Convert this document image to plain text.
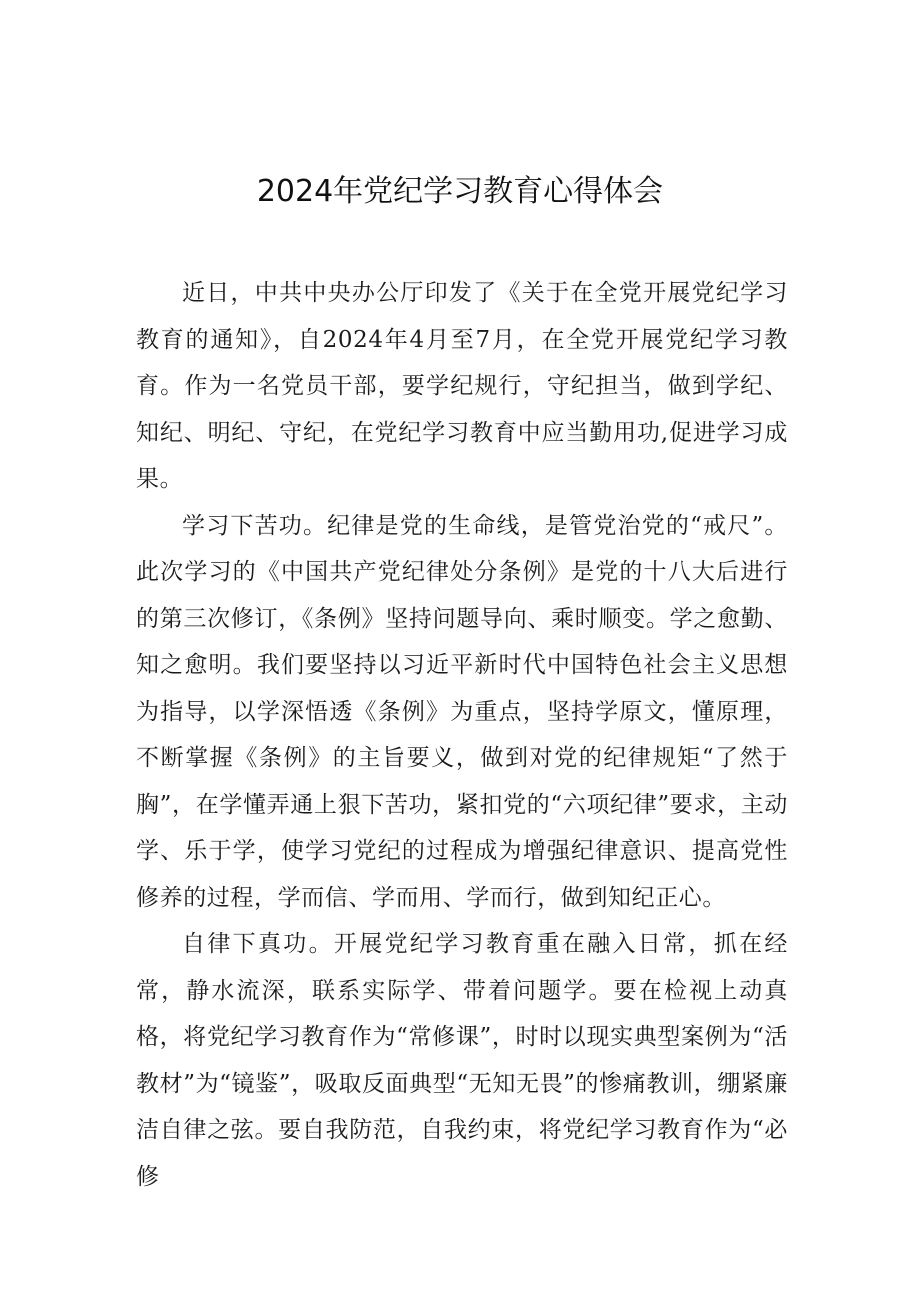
2024年党纪学习教育心得体会

近日，中共中央办公厅印发了《关于在全党开展党纪学习教育的通知》，自2024年4月至7月，在全党开展党纪学习教育。作为一名党员干部，要学纪规行，守纪担当，做到学纪、知纪、明纪、守纪，在党纪学习教育中应当勤用功,促进学习成果。

学习下苦功。纪律是党的生命线，是管党治党的“戒尺”。此次学习的《中国共产党纪律处分条例》是党的十八大后进行的第三次修订，《条例》坚持问题导向、乘时顺变。学之愈勤、知之愈明。我们要坚持以习近平新时代中国特色社会主义思想为指导，以学深悟透《条例》为重点，坚持学原文，懂原理，不断掌握《条例》的主旨要义，做到对党的纪律规矩“了然于胸”，在学懂弄通上狠下苦功，紧扣党的“六项纪律”要求，主动学、乐于学，使学习党纪的过程成为增强纪律意识、提高党性修养的过程，学而信、学而用、学而行，做到知纪正心。

自律下真功。开展党纪学习教育重在融入日常，抓在经常，静水流深，联系实际学、带着问题学。要在检视上动真格，将党纪学习教育作为“常修课”，时时以现实典型案例为“活教材”为“镜鉴”，吸取反面典型“无知无畏”的惨痛教训，绷紧廉洁自律之弦。要自我防范，自我约束，将党纪学习教育作为“必修
